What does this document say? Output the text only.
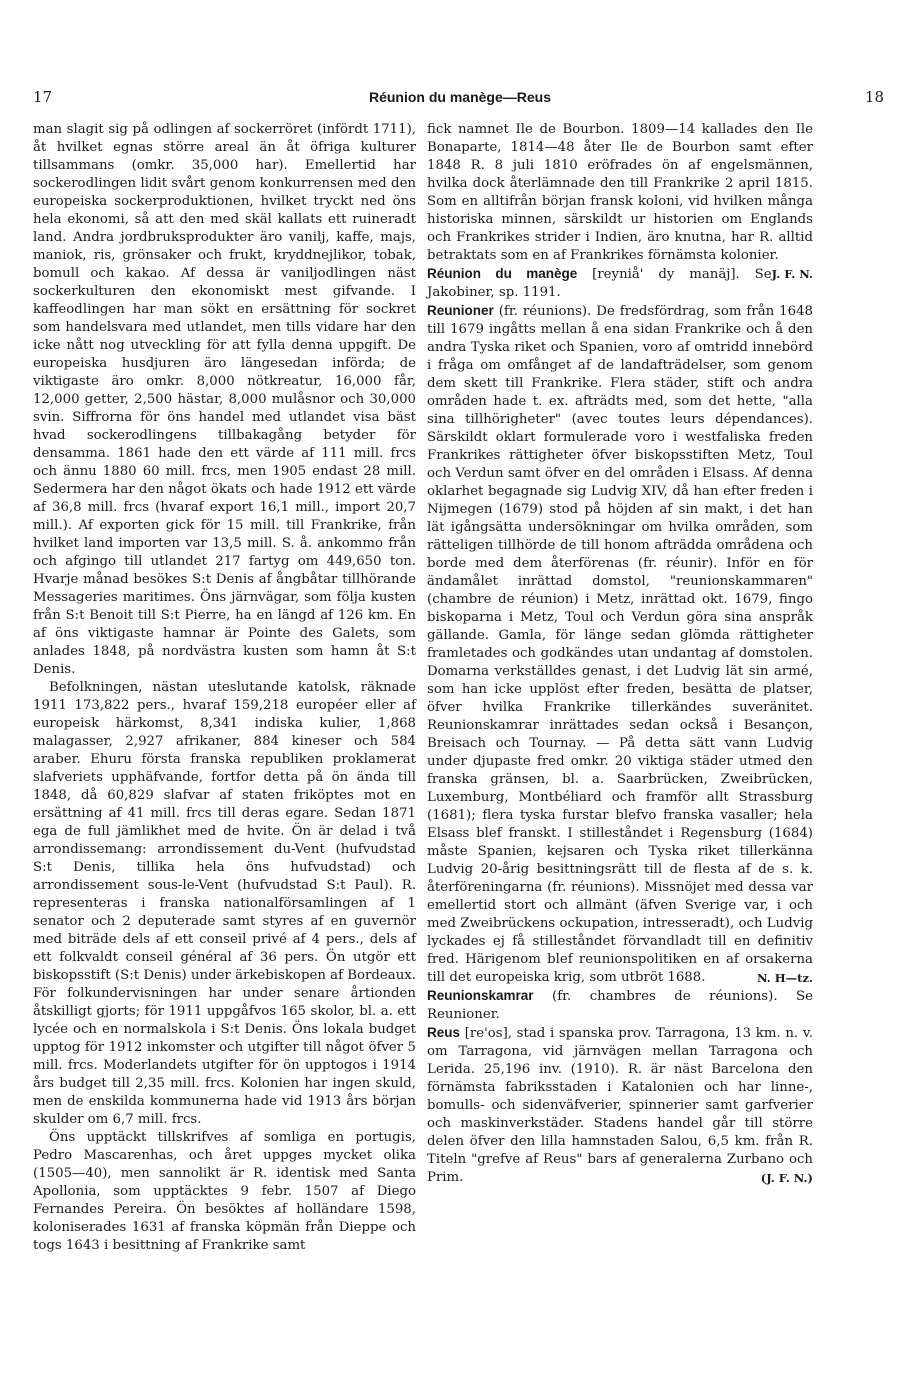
17	Réunion du manège—Reus	18

man slagit sig på odlingen af sockerröret (infördt 1711), åt hvilket egnas större areal än åt öfriga kulturer tillsammans (omkr. 35,000 har). Emellertid har sockerodlingen lidit svårt genom konkurrensen med den europeiska sockerproduktionen, hvilket tryckt ned öns hela ekonomi, så att den med skäl kallats ett ruineradt land. Andra jordbruksprodukter äro vanilj, kaffe, majs, maniok, ris, grönsaker och frukt, kryddnejlikor, tobak, bomull och kakao. Af dessa är vaniljodlingen näst sockerkulturen den ekonomiskt mest gifvande. I kaffeodlingen har man sökt en ersättning för sockret som handelsvara med utlandet, men tills vidare har den icke nått nog utveckling för att fylla denna uppgift. De europeiska husdjuren äro längesedan införda; de viktigaste äro omkr. 8,000 nötkreatur, 16,000 får, 12,000 getter, 2,500 hästar, 8,000 mulåsnor och 30,000 svin. Siffrorna för öns handel med utlandet visa bäst hvad sockerodlingens tillbakagång betyder för densamma. 1861 hade den ett värde af 111 mill. frcs och ännu 1880 60 mill. frcs, men 1905 endast 28 mill. Sedermera har den något ökats och hade 1912 ett värde af 36,8 mill. frcs (hvaraf export 16,1 mill., import 20,7 mill.). Af exporten gick för 15 mill. till Frankrike, från hvilket land importen var 13,5 mill. S. å. ankommo från och afgingo till utlandet 217 fartyg om 449,650 ton. Hvarje månad besökes S:t Denis af ångbåtar tillhörande Messageries maritimes. Öns järnvägar, som följa kusten från S:t Benoit till S:t Pierre, ha en längd af 126 km. En af öns viktigaste hamnar är Pointe des Galets, som anlades 1848, på nordvästra kusten som hamn åt S:t Denis.

Befolkningen, nästan uteslutande katolsk, räknade 1911 173,822 pers., hvaraf 159,218 européer eller af europeisk härkomst, 8,341 indiska kulier, 1,868 malagasser, 2,927 afrikaner, 884 kineser och 584 araber. Ehuru första franska republiken proklamerat slafveriets upphäfvande, fortfor detta på ön ända till 1848, då 60,829 slafvar af staten friköptes mot en ersättning af 41 mill. frcs till deras egare. Sedan 1871 ega de full jämlikhet med de hvite. Ön är delad i två arrondissemang: arrondissement du-Vent (hufvudstad S:t Denis, tillika hela öns hufvudstad) och arrondissement sous-le-Vent (hufvudstad S:t Paul). R. representeras i franska nationalförsamlingen af 1 senator och 2 deputerade samt styres af en guvernör med biträde dels af ett conseil privé af 4 pers., dels af ett folkvaldt conseil général af 36 pers. Ön utgör ett biskopsstift (S:t Denis) under ärkebiskopen af Bordeaux. För folkundervisningen har under senare årtionden åtskilligt gjorts; för 1911 uppgåfvos 165 skolor, bl. a. ett lycée och en normalskola i S:t Denis. Öns lokala budget upptog för 1912 inkomster och utgifter till något öfver 5 mill. frcs. Moderlandets utgifter för ön upptogos i 1914 års budget till 2,35 mill. frcs. Kolonien har ingen skuld, men de enskilda kommunerna hade vid 1913 års början skulder om 6,7 mill. frcs.

Öns upptäckt tillskrifves af somliga en portugis, Pedro Mascarenhas, och året uppges mycket olika (1505—40), men sannolikt är R. identisk med Santa Apollonia, som upptäcktes 9 febr. 1507 af Diego Fernandes Pereira. Ön besöktes af holländare 1598, koloniserades 1631 af franska köpmän från Dieppe och togs 1643 i besittning af Frankrike samt

fick namnet Ile de Bourbon. 1809—14 kallades den Ile Bonaparte, 1814—48 åter Ile de Bourbon samt efter 1848 R. 8 juli 1810 eröfrades ön af engelsmännen, hvilka dock återlämnade den till Frankrike 2 april 1815. Som en alltifrån början fransk koloni, vid hvilken många historiska minnen, särskildt ur historien om Englands och Frankrikes strider i Indien, äro knutna, har R. alltid betraktats som en af Frankrikes förnämsta kolonier.
J. F. N.

Réunion du manège [reyniå' dy manäj]. Se Jakobiner, sp. 1191.

Reunioner (fr. réunions). De fredsfördrag, som från 1648 till 1679 ingåtts mellan å ena sidan Frankrike och å den andra Tyska riket och Spanien, voro af omtridd innebörd i fråga om omfånget af de landafträdelser, som genom dem skett till Frankrike. Flera städer, stift och andra områden hade t. ex. afträdts med, som det hette, "alla sina tillhörigheter" (avec toutes leurs dépendances). Särskildt oklart formulerade voro i westfaliska freden Frankrikes rättigheter öfver biskopsstiften Metz, Toul och Verdun samt öfver en del områden i Elsass. Af denna oklarhet begagnade sig Ludvig XIV, då han efter freden i Nijmegen (1679) stod på höjden af sin makt, i det han lät igångsätta undersökningar om hvilka områden, som rätteligen tillhörde de till honom afträdda områdena och borde med dem återförenas (fr. réunir). Inför en för ändamålet inrättad domstol, "reunionskammaren" (chambre de réunion) i Metz, inrättad okt. 1679, fingo biskoparna i Metz, Toul och Verdun göra sina anspråk gällande. Gamla, för länge sedan glömda rättigheter framletades och godkändes utan undantag af domstolen. Domarna verkställdes genast, i det Ludvig lät sin armé, som han icke upplöst efter freden, besätta de platser, öfver hvilka Frankrike tillerkändes suveränitet. Reunionskamrar inrättades sedan också i Besançon, Breisach och Tournay. — På detta sätt vann Ludvig under djupaste fred omkr. 20 viktiga städer utmed den franska gränsen, bl. a. Saarbrücken, Zweibrücken, Luxemburg, Montbéliard och framför allt Strassburg (1681); flera tyska furstar blefvo franska vasaller; hela Elsass blef franskt. I stilleståndet i Regensburg (1684) måste Spanien, kejsaren och Tyska riket tillerkänna Ludvig 20-årig besittningsrätt till de flesta af de s. k. återföreningarna (fr. réunions). Missnöjet med dessa var emellertid stort och allmänt (äfven Sverige var, i och med Zweibrückens ockupation, intresseradt), och Ludvig lyckades ej få stilleståndet förvandladt till en definitiv fred. Härigenom blef reunionspolitiken en af orsakerna till det europeiska krig, som utbröt 1688.	N. H—tz.

Reunionskamrar (fr. chambres de réunions). Se Reunioner.

Reus [re'os], stad i spanska prov. Tarragona, 13 km. n. v. om Tarragona, vid järnvägen mellan Tarragona och Lerida. 25,196 inv. (1910). R. är näst Barcelona den förnämsta fabriksstaden i Katalonien och har linne-, bomulls- och sidenväfverier, spinnerier samt garfverier och maskinverkstäder. Stadens handel går till större delen öfver den lilla hamnstaden Salou, 6,5 km. från R. Titeln "grefve af Reus" bars af generalerna Zurbano och Prim.	(J. F. N.)
